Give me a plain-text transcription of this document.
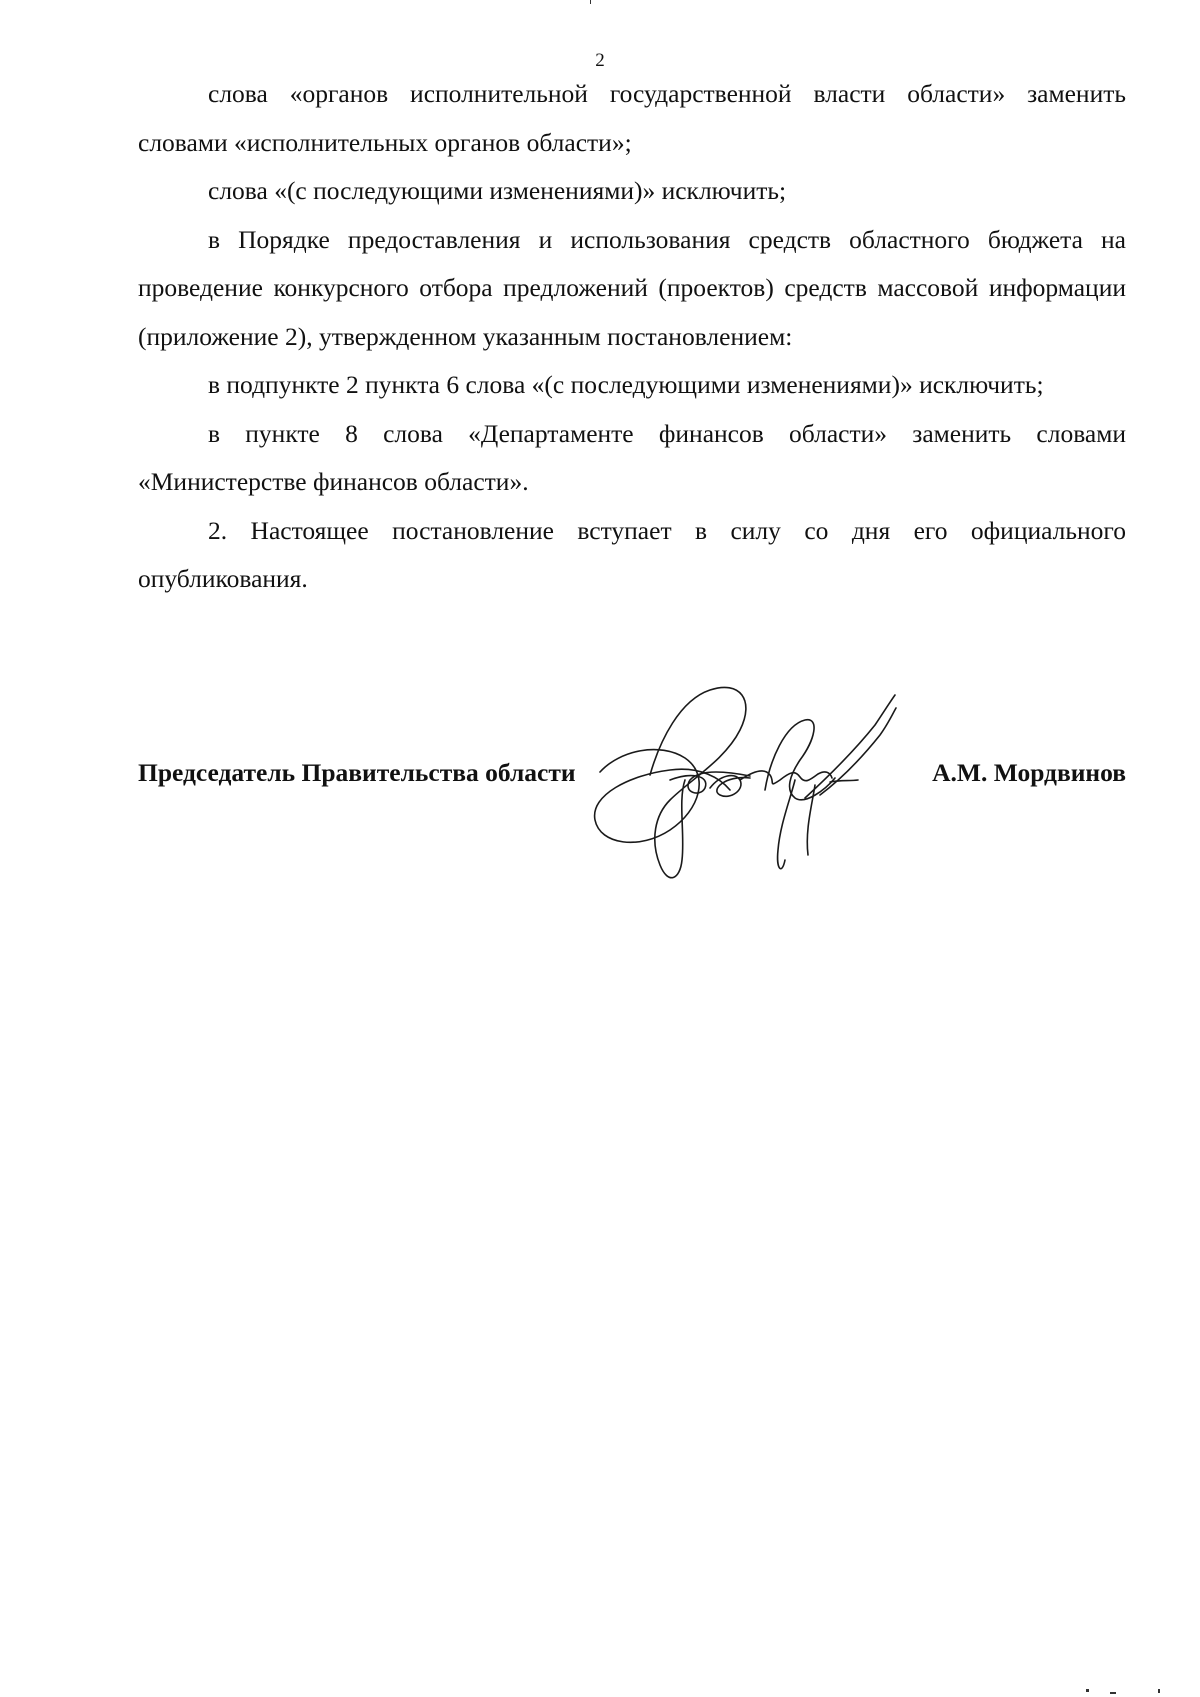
2

слова «органов исполнительной государственной власти области» заменить словами «исполнительных органов области»;

слова «(с последующими изменениями)» исключить;

в Порядке предоставления и использования средств областного бюджета на проведение конкурсного отбора предложений (проектов) средств массовой информации (приложение 2), утвержденном указанным постановлением:

в подпункте 2 пункта 6 слова «(с последующими изменениями)» исключить;

в пункте 8 слова «Департаменте финансов области» заменить словами «Министерстве финансов области».

2. Настоящее постановление вступает в силу со дня его официального опубликования.

Председатель Правительства области	А.М. Мордвинов
